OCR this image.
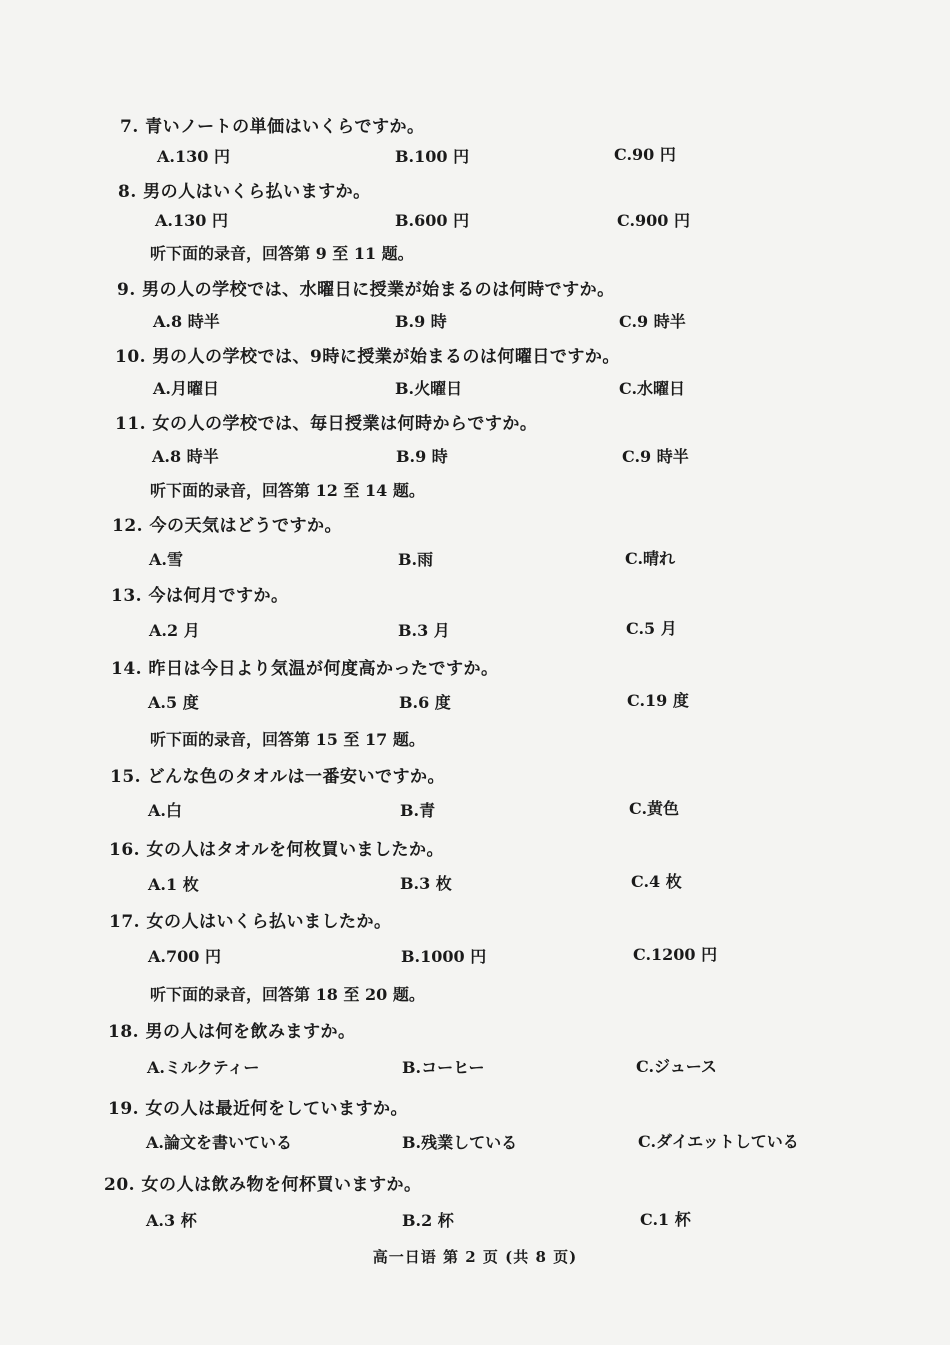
7. 青いノートの単価はいくらですか。
A.130 円	B.100 円	C.90 円
8. 男の人はいくら払いますか。
A.130 円	B.600 円	C.900 円
听下面的录音，回答第 9 至 11 题。
9. 男の人の学校では、水曜日に授業が始まるのは何時ですか。
A.8 時半	B.9 時	C.9 時半
10. 男の人の学校では、9時に授業が始まるのは何曜日ですか。
A.月曜日	B.火曜日	C.水曜日
11. 女の人の学校では、毎日授業は何時からですか。
A.8 時半	B.9 時	C.9 時半
听下面的录音，回答第 12 至 14 题。
12. 今の天気はどうですか。
A.雪	B.雨	C.晴れ
13. 今は何月ですか。
A.2 月	B.3 月	C.5 月
14. 昨日は今日より気温が何度高かったですか。
A.5 度	B.6 度	C.19 度
听下面的录音，回答第 15 至 17 题。
15. どんな色のタオルは一番安いですか。
A.白	B.青	C.黄色
16. 女の人はタオルを何枚買いましたか。
A.1 枚	B.3 枚	C.4 枚
17. 女の人はいくら払いましたか。
A.700 円	B.1000 円	C.1200 円
听下面的录音，回答第 18 至 20 题。
18. 男の人は何を飲みますか。
A.ミルクティー	B.コーヒー	C.ジュース
19. 女の人は最近何をしていますか。
A.論文を書いている	B.残業している	C.ダイエットしている
20. 女の人は飲み物を何杯買いますか。
A.3 杯	B.2 杯	C.1 杯
高一日语 第 2 页 (共 8 页)
